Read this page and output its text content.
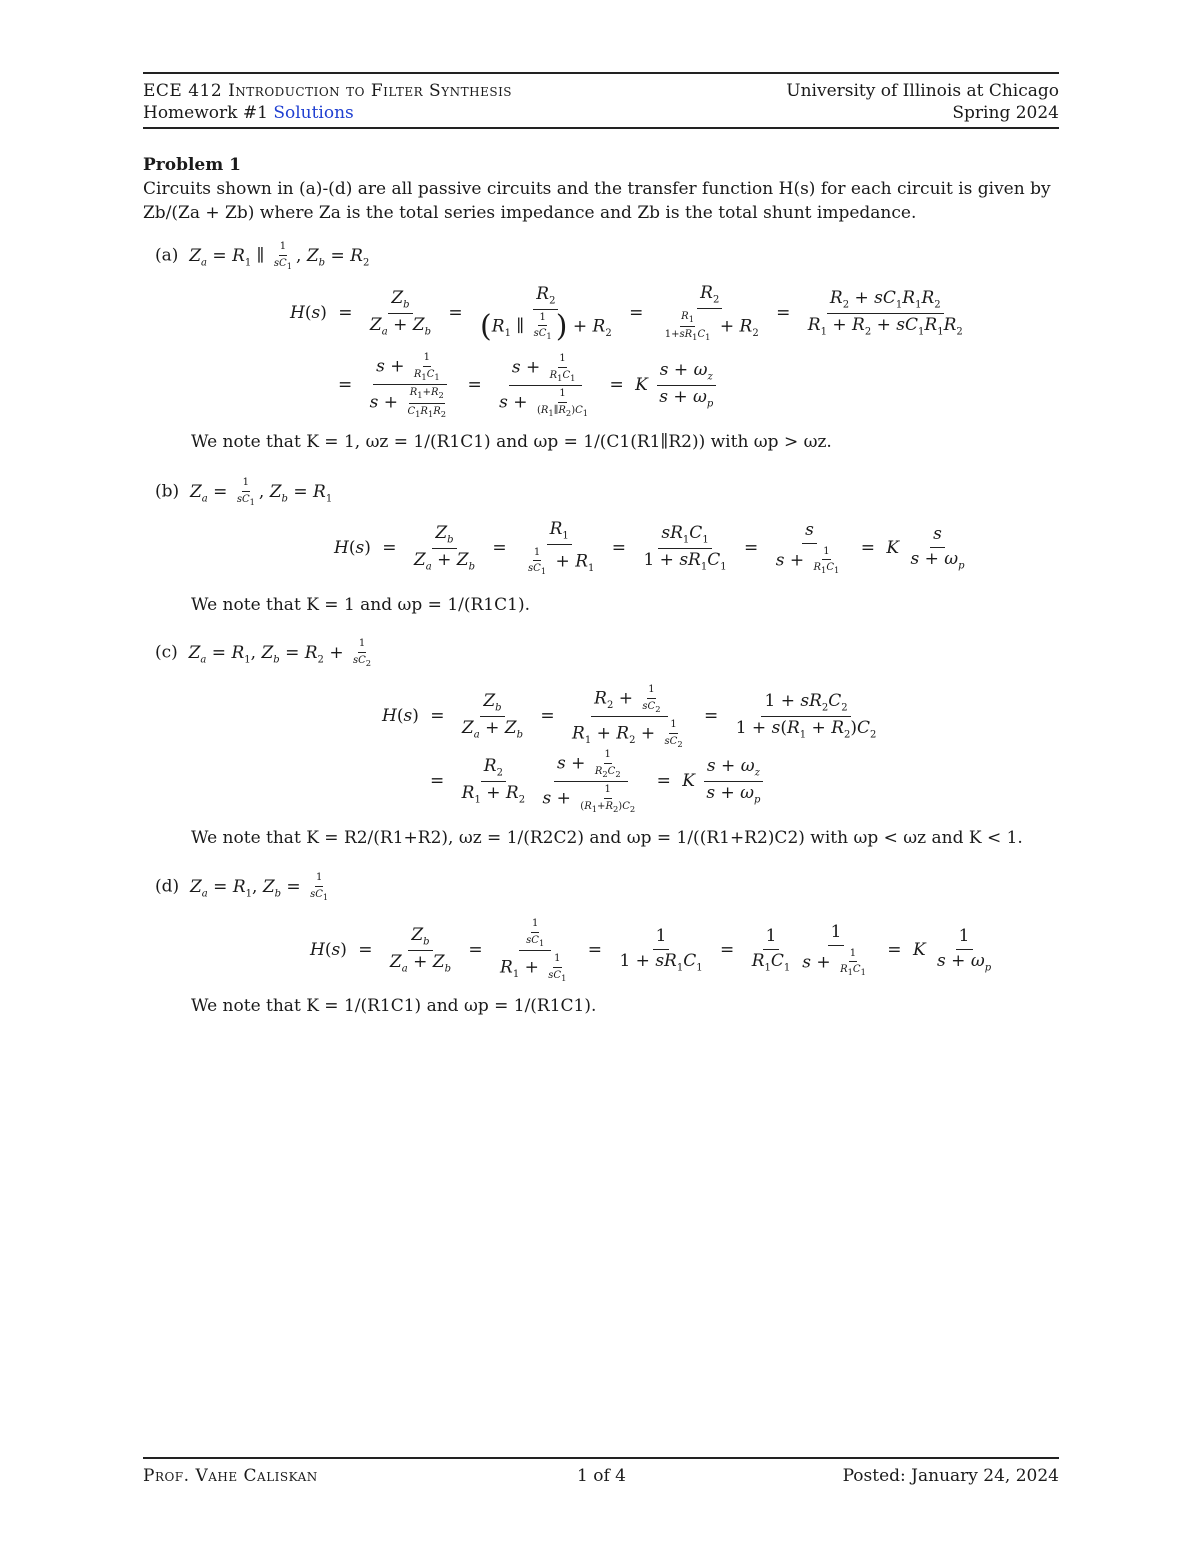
ECE 412 Introduction to Filter Synthesis	University of Illinois at Chicago
Homework #1 Solutions	Spring 2024
Problem 1
Circuits shown in (a)-(d) are all passive circuits and the transfer function H(s) for each circuit is given by
Zb/(Za + Zb) where Za is the total series impedance and Zb is the total shunt impedance.
(a) $Z_a = R_1$ ∥ $\frac{1}{sC_1}$ , $Z_b = R_2$
$H(s) = \frac{Z_b}{Z_a + Z_b} = \frac{R_2}{(R_1 \parallel \frac{1}{sC_1} ) + R_2} = \frac{R_2}{\frac{R_1}{1+sR_1C_1} + R_2} = \frac{R_2 + sC_1R_1R_2}{R_1 + R_2 + sC_1R_1R_2}$
= $\frac{s + \frac{1}{R_1C_1}}{s + \frac{R_1+R_2}{C_1R_1R_2}} = \frac{s + \frac{1}{R_1C_1}}{s + \frac{1}{(R_1\parallel R_2)C_1}} = K \frac{s + \omega_z}{s + \omega_p}$
We note that K = 1, ωz = 1/(R1C1) and ωp = 1/(C1(R1∥R2)) with ωp > ωz.
(b) $Z_a = \frac{1}{sC_1}$ , $Z_b = R_1$
$H(s) = \frac{Z_b}{Z_a + Z_b} = \frac{R_1}{\frac{1}{sC_1} + R_1} = \frac{sR_1C_1}{1 + sR_1C_1} = \frac{s}{s + \frac{1}{R_1C_1}} = K \frac{s}{s + \omega_p}$
We note that K = 1 and ωp = 1/(R1C1).
(c) $Z_a = R_1$, $Z_b = R_2 + \frac{1}{sC_2}$
$H(s) = \frac{Z_b}{Z_a + Z_b} = \frac{R_2 + \frac{1}{sC_2}}{R_1 + R_2 + \frac{1}{sC_2}} = \frac{1 + sR_2C_2}{1 + s(R_1 + R_2)C_2}$
= $\frac{R_2}{R_1 + R_2}$
$\frac{s + \frac{1}{R_2C_2}}{s + \frac{1}{(R_1+R_2)C_2}} = K \frac{s + \omega_z}{s + \omega_p}$
We note that K = R2/(R1+R2), ωz = 1/(R2C2) and ωp = 1/((R1+R2)C2) with ωp < ωz and K < 1.
(d) $Z_a = R_1$, $Z_b = \frac{1}{sC_1}$
$H(s) = \frac{Z_b}{Z_a + Z_b} = \frac{\frac{1}{sC_1}}{R_1 + \frac{1}{sC_1}} = \frac{1}{1 + sR_1C_1} = \frac{1}{R_1C_1} \frac{1}{s + \frac{1}{R_1C_1}} = K \frac{1}{s + \omega_p}$
We note that K = 1/(R1C1) and ωp = 1/(R1C1).
Prof. Vahe Caliskan	1 of 4	Posted: January 24, 2024
